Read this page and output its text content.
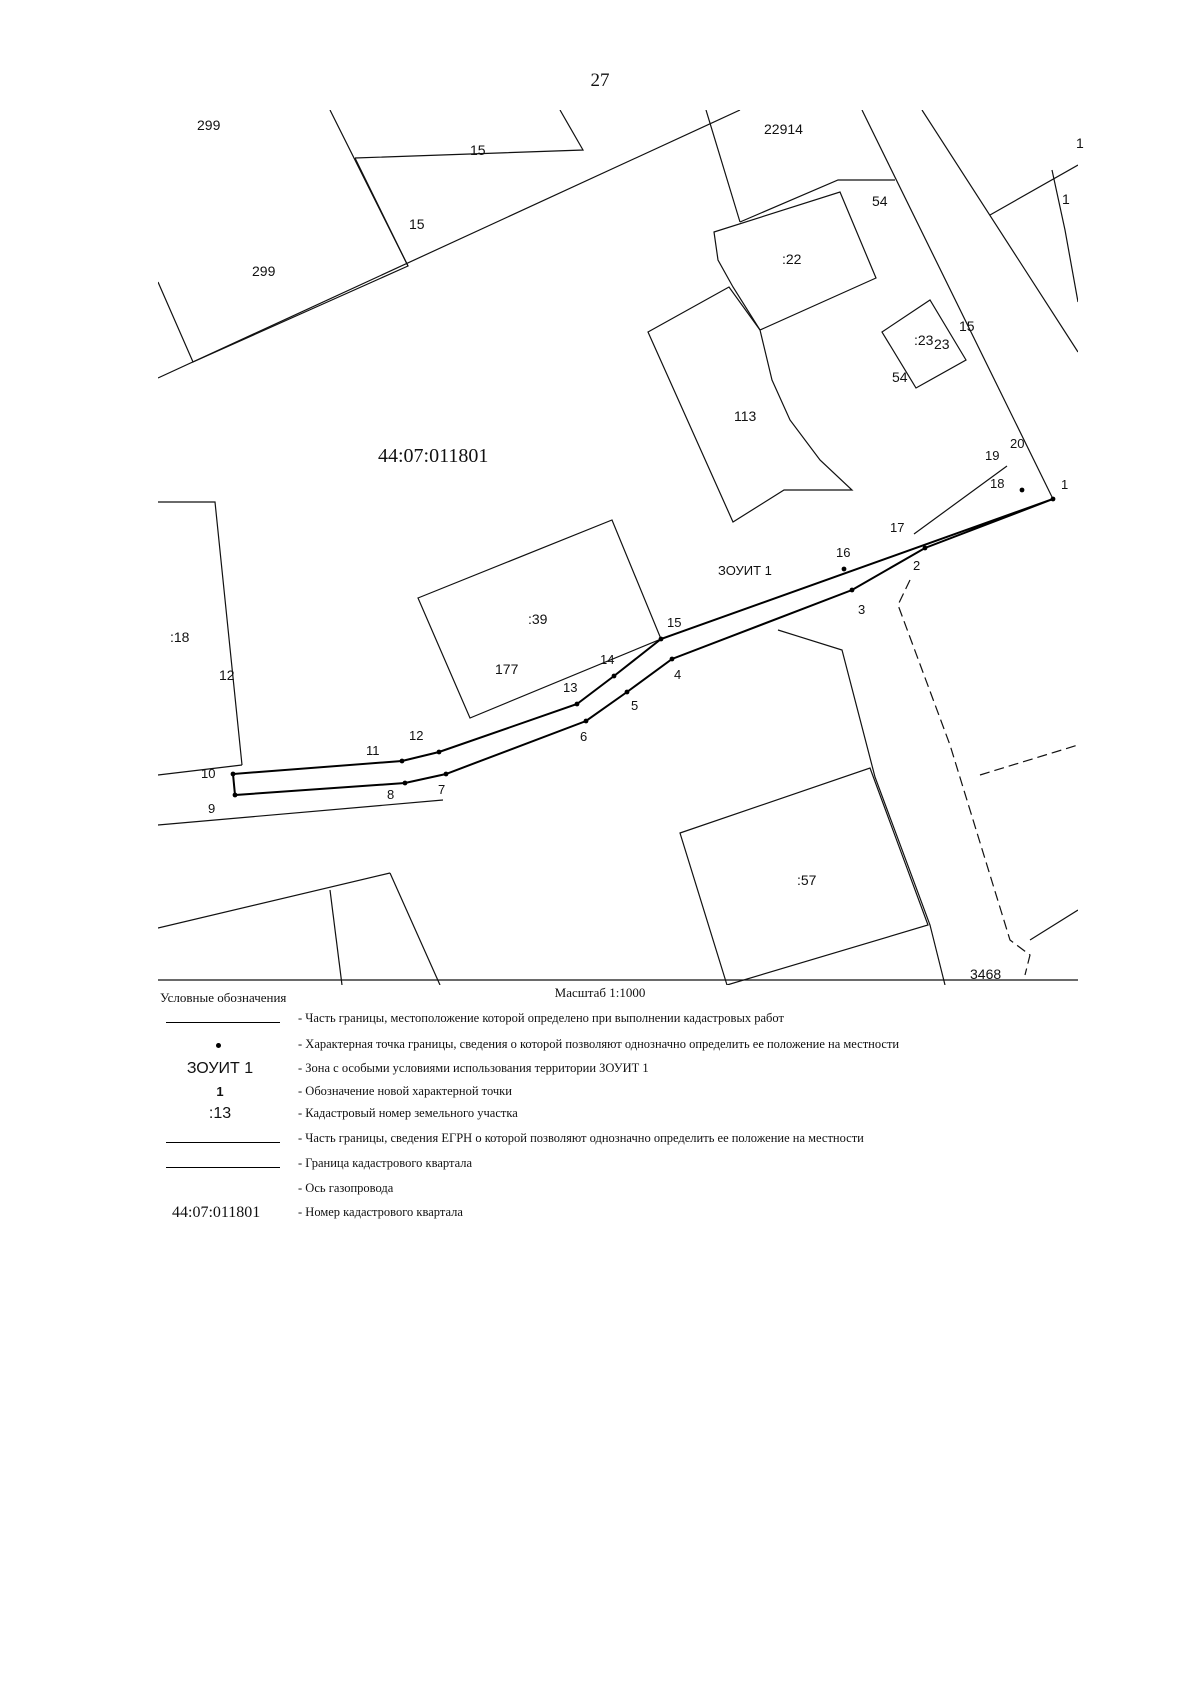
27
1
2
3
4
5
6
7
8
9
10
11
12
13
14
15
16
17
18
19
20
299
15
22914
15
299
54
:22
:23 23
15
54
113
:18
12
:39
177
:57
3468
1
1
44:07:011801
ЗОУИТ 1
Масштаб 1:1000
Условные обозначения
- Часть границы, местоположение которой определено при выполнении кадастровых работ
- Характерная точка границы, сведения о которой позволяют однозначно определить ее положение на местности
ЗОУИТ 1	- Зона с особыми условиями использования территории ЗОУИТ 1
1	- Обозначение новой характерной точки
:13	- Кадастровый номер земельного участка
- Часть границы, сведения ЕГРН о которой позволяют однозначно определить ее положение на местности
- Граница кадастрового квартала
- Ось газопровода
44:07:011801	- Номер кадастрового квартала
